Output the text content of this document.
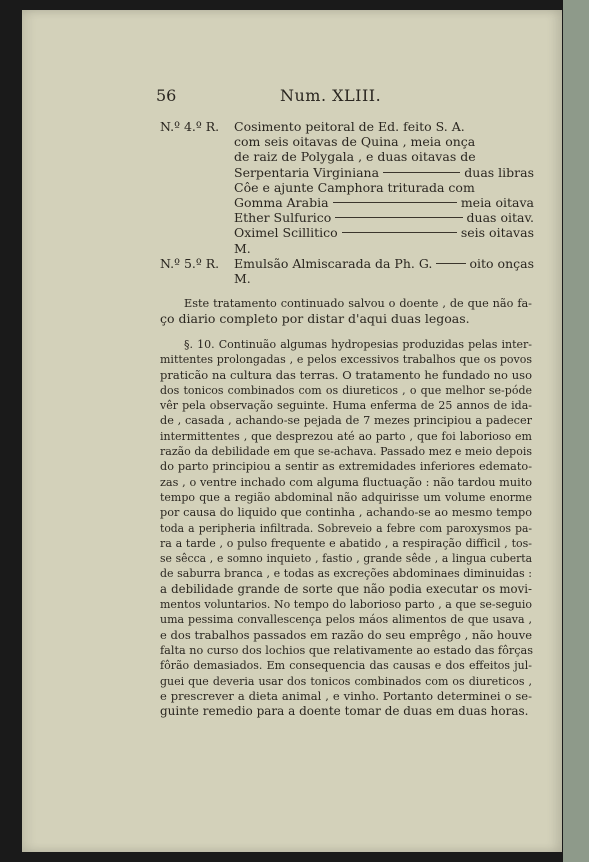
56	Num. XLIII.
N.º 4.º R. Cosimento peitoral de Ed. feito S. A.
com seis oitavas de Quina , meia onça
de raiz de Polygala , e duas oitavas de
Serpentaria Virginiana	duas libras
Côe e ajunte Camphora triturada com
Gomma Arabia	meia oitava
Ether Sulfurico	duas oitav.
Oximel Scillitico	seis oitavas
M.
N.º 5.º R. Emulsão Almiscarada da Ph. G.	oito onças
M.
Este tratamento continuado salvou o doente , de que não fa-
ço diario completo por distar d'aqui duas legoas.
§. 10. Continuão algumas hydropesias produzidas pelas inter-
mittentes prolongadas , e pelos excessivos trabalhos que os povos
praticão na cultura das terras. O tratamento he fundado no uso
dos tonicos combinados com os diureticos , o que melhor se-póde
vêr pela observação seguinte. Huma enferma de 25 annos de ida-
de , casada , achando-se pejada de 7 mezes principiou a padecer
intermittentes , que desprezou até ao parto , que foi laborioso em
razão da debilidade em que se-achava. Passado mez e meio depois
do parto principiou a sentir as extremidades inferiores edemato-
zas , o ventre inchado com alguma fluctuação : não tardou muito
tempo que a região abdominal não adquirisse um volume enorme
por causa do liquido que continha , achando-se ao mesmo tempo
toda a peripheria infiltrada. Sobreveio a febre com paroxysmos pa-
ra a tarde , o pulso frequente e abatido , a respiração difficil , tos-
se sêcca , e somno inquieto , fastio , grande sêde , a lingua cuberta
de saburra branca , e todas as excreções abdominaes diminuidas :
a debilidade grande de sorte que não podia executar os movi-
mentos voluntarios. No tempo do laborioso parto , a que se-seguio
uma pessima convallescença pelos máos alimentos de que usava ,
e dos trabalhos passados em razão do seu emprêgo , não houve
falta no curso dos lochios que relativamente ao estado das fôrças
fôrão demasiados. Em consequencia das causas e dos effeitos jul-
guei que deveria usar dos tonicos combinados com os diureticos ,
e prescrever a dieta animal , e vinho. Portanto determinei o se-
guinte remedio para a doente tomar de duas em duas horas.
